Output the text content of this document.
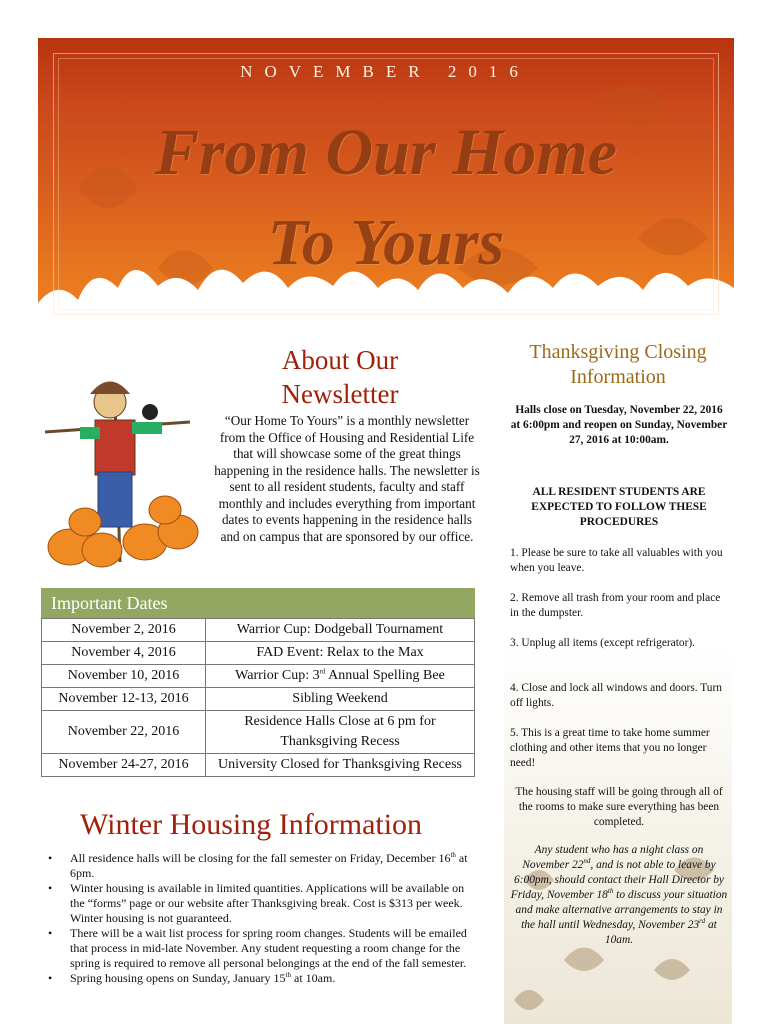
NOVEMBER 2016
From Our Home
To Yours
About Our Newsletter
“Our Home To Yours” is a monthly newsletter from the Office of Housing and Residential Life that will showcase some of the great things happening in the residence halls. The newsletter is sent to all resident students, faculty and staff monthly and includes everything from important dates to events happening in the residence halls and on campus that are sponsored by our office.
Important Dates
November 2, 2016	Warrior Cup: Dodgeball Tournament
November 4, 2016	FAD Event: Relax to the Max
November 10, 2016	Warrior Cup: 3rd Annual Spelling Bee
November 12-13, 2016	Sibling Weekend
November 22, 2016	Residence Halls Close at 6 pm for Thanksgiving Recess
November 24-27, 2016	University Closed for Thanksgiving Recess
Winter Housing Information
• All residence halls will be closing for the fall semester on Friday, December 16th at 6pm.
• Winter housing is available in limited quantities. Applications will be available on the “forms” page or our website after Thanksgiving break. Cost is $313 per week. Winter housing is not guaranteed.
• There will be a wait list process for spring room changes. Students will be emailed that process in mid-late November. Any student requesting a room change for the spring is required to remove all personal belongings at the end of the fall semester.
• Spring housing opens on Sunday, January 15th at 10am.
Thanksgiving Closing Information
Halls close on Tuesday, November 22, 2016 at 6:00pm and reopen on Sunday, November 27, 2016 at 10:00am.
ALL RESIDENT STUDENTS ARE EXPECTED TO FOLLOW THESE PROCEDURES
1. Please be sure to take all valuables with you when you leave.
2. Remove all trash from your room and place in the dumpster.
3. Unplug all items (except refrigerator).
4. Close and lock all windows and doors. Turn off lights.
5. This is a great time to take home summer clothing and other items that you no longer need!
The housing staff will be going through all of the rooms to make sure everything has been completed.
Any student who has a night class on November 22nd, and is not able to leave by 6:00pm, should contact their Hall Director by Friday, November 18th to discuss your situation and make alternative arrangements to stay in the hall until Wednesday, November 23rd at 10am.
